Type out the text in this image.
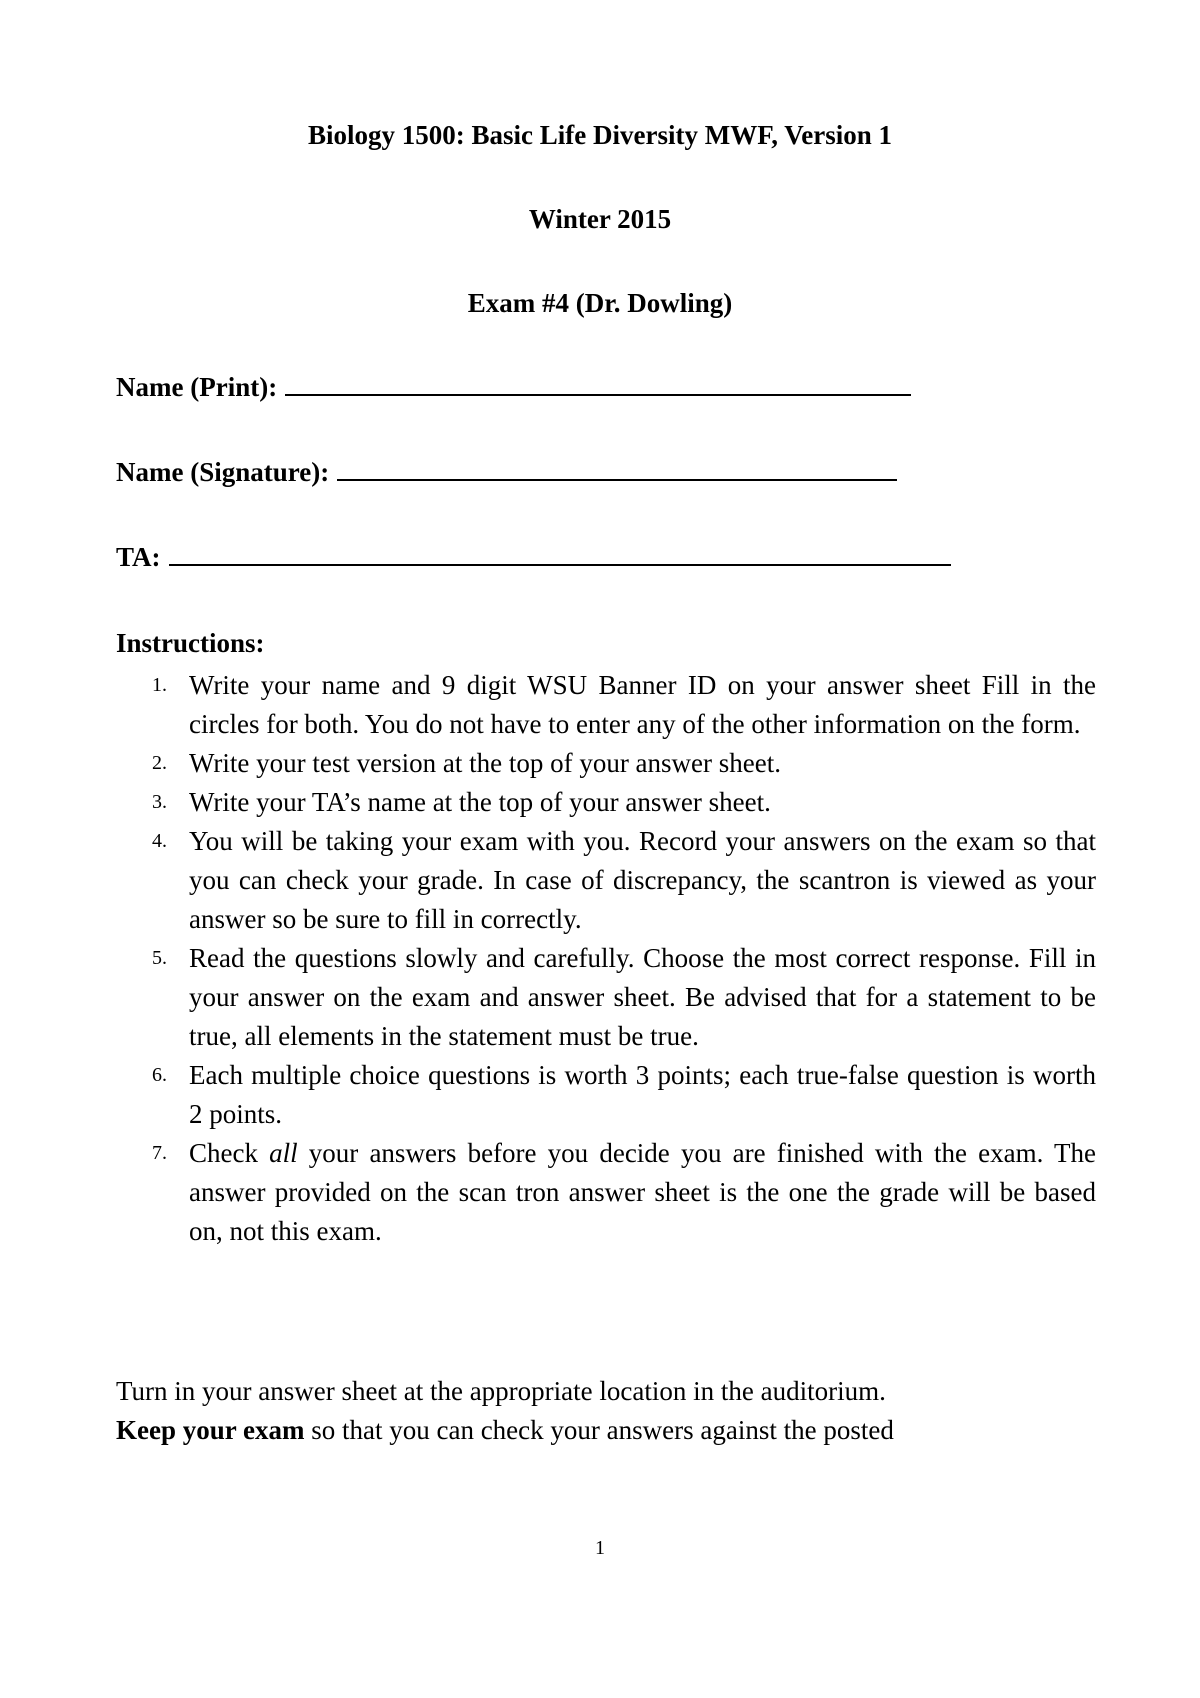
Biology 1500: Basic Life Diversity MWF, Version 1
Winter 2015
Exam #4 (Dr. Dowling)
Name (Print):
Name (Signature):
TA:
Instructions:
1. Write your name and 9 digit WSU Banner ID on your answer sheet Fill in the circles for both. You do not have to enter any of the other information on the form.
2. Write your test version at the top of your answer sheet.
3. Write your TA’s name at the top of your answer sheet.
4. You will be taking your exam with you. Record your answers on the exam so that you can check your grade. In case of discrepancy, the scantron is viewed as your answer so be sure to fill in correctly.
5. Read the questions slowly and carefully. Choose the most correct response. Fill in your answer on the exam and answer sheet. Be advised that for a statement to be true, all elements in the statement must be true.
6. Each multiple choice questions is worth 3 points; each true-false question is worth 2 points.
7. Check all your answers before you decide you are finished with the exam. The answer provided on the scan tron answer sheet is the one the grade will be based on, not this exam.

Turn in your answer sheet at the appropriate location in the auditorium.

Keep your exam so that you can check your answers against the posted

1
